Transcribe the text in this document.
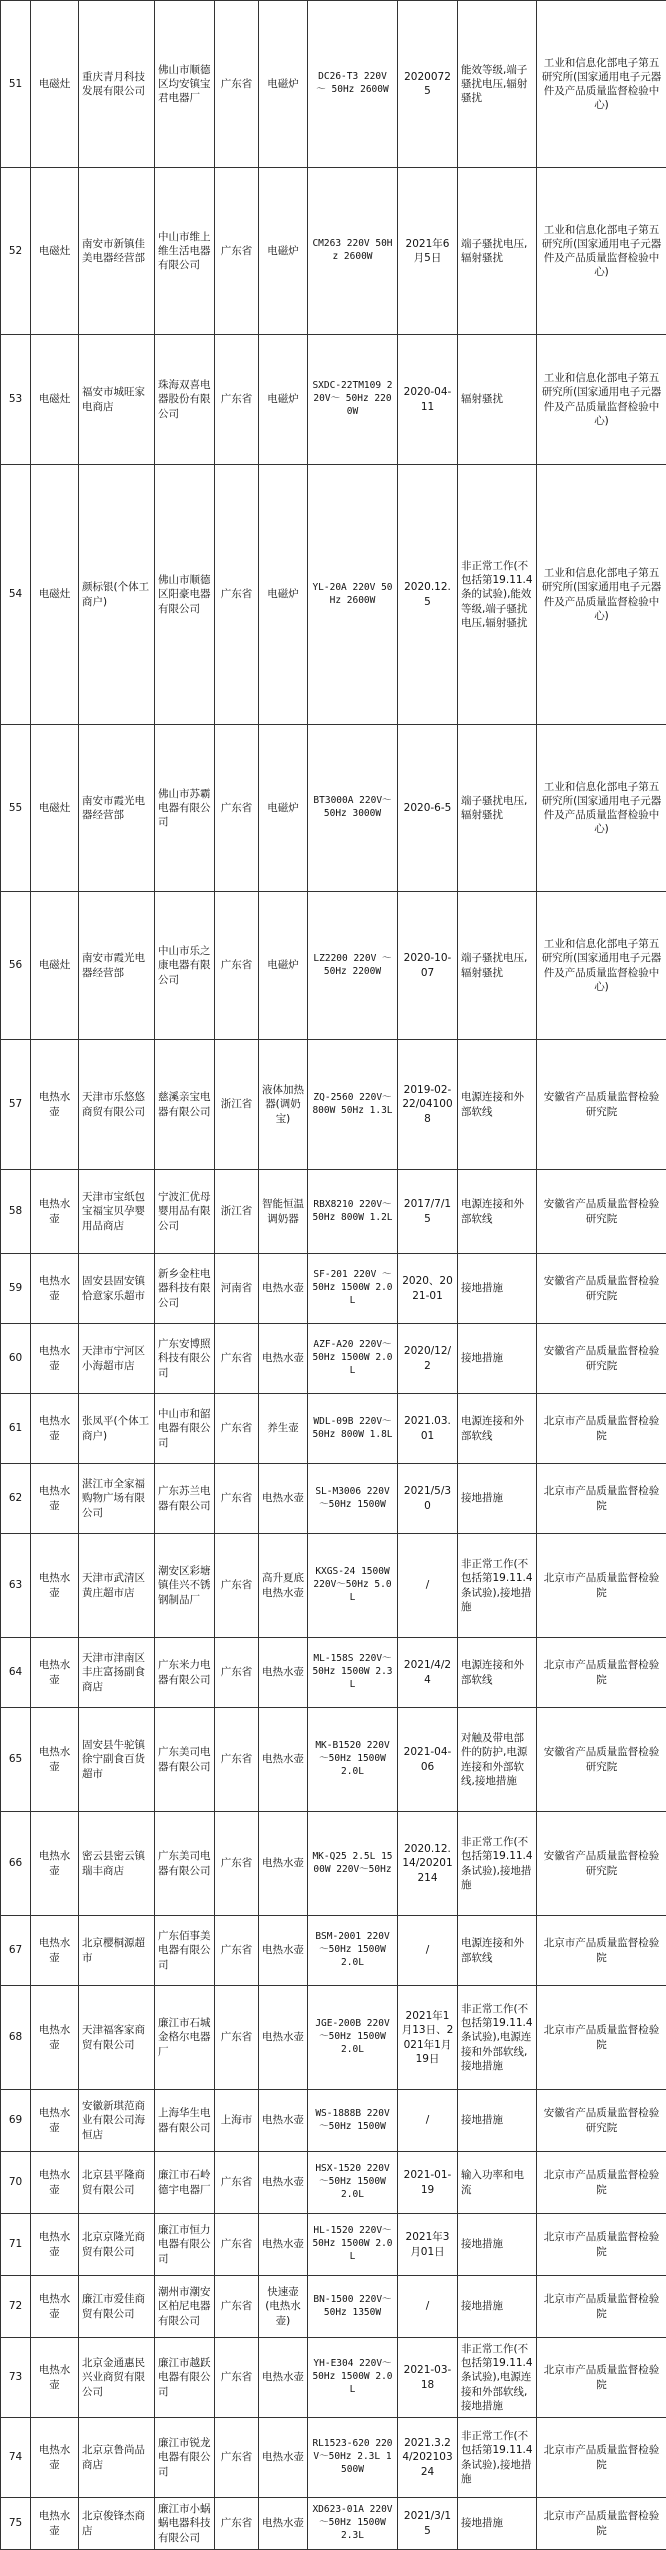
51	电磁灶	重庆青月科技发展有限公司	佛山市顺德区均安镇宝君电器厂	广东省	电磁炉	DC26-T3 220V ～ 50Hz 2600W	20200725	能效等级,端子骚扰电压,辐射骚扰	工业和信息化部电子第五研究所(国家通用电子元器件及产品质量监督检验中心)
52	电磁灶	南安市新镇佳美电器经营部	中山市维上维生活电器有限公司	广东省	电磁炉	CM263 220V 50Hz 2600W	2021年6月5日	端子骚扰电压,辐射骚扰	工业和信息化部电子第五研究所(国家通用电子元器件及产品质量监督检验中心)
53	电磁灶	福安市城旺家电商店	珠海双喜电器股份有限公司	广东省	电磁炉	SXDC-22TM109 220V～ 50Hz 2200W	2020-04-11	辐射骚扰	工业和信息化部电子第五研究所(国家通用电子元器件及产品质量监督检验中心)
54	电磁灶	颜标银(个体工商户)	佛山市顺德区阳豪电器有限公司	广东省	电磁炉	YL-20A 220V 50Hz 2600W	2020.12.5	非正常工作(不包括第19.11.4条的试验),能效等级,端子骚扰电压,辐射骚扰	工业和信息化部电子第五研究所(国家通用电子元器件及产品质量监督检验中心)
55	电磁灶	南安市霞光电器经营部	佛山市苏霸电器有限公司	广东省	电磁炉	BT3000A 220V～50Hz 3000W	2020-6-5	端子骚扰电压,辐射骚扰	工业和信息化部电子第五研究所(国家通用电子元器件及产品质量监督检验中心)
56	电磁灶	南安市霞光电器经营部	中山市乐之康电器有限公司	广东省	电磁炉	LZ2200 220V ～ 50Hz 2200W	2020-10-07	端子骚扰电压,辐射骚扰	工业和信息化部电子第五研究所(国家通用电子元器件及产品质量监督检验中心)
57	电热水壶	天津市乐悠悠商贸有限公司	慈溪亲宝电器有限公司	浙江省	液体加热器(调奶宝)	ZQ-2560 220V～ 800W 50Hz 1.3L	2019-02-22/041008	电源连接和外部软线	安徽省产品质量监督检验研究院
58	电热水壶	天津市宝纸包宝福宝贝孕婴用品商店	宁波汇优母婴用品有限公司	浙江省	智能恒温调奶器	RBX8210 220V～50Hz 800W 1.2L	2017/7/15	电源连接和外部软线	安徽省产品质量监督检验研究院
59	电热水壶	固安县固安镇恰意家乐超市	新乡金柱电器科技有限公司	河南省	电热水壶	SF-201 220V ～ 50Hz 1500W 2.0L	2020、2021-01	接地措施	安徽省产品质量监督检验研究院
60	电热水壶	天津市宁河区小海超市店	广东安博照科技有限公司	广东省	电热水壶	AZF-A20 220V～50Hz 1500W 2.0L	2020/12/2	接地措施	安徽省产品质量监督检验研究院
61	电热水壶	张凤平(个体工商户)	中山市和韶电器有限公司	广东省	养生壶	WDL-09B 220V～50Hz 800W 1.8L	2021.03.01	电源连接和外部软线	北京市产品质量监督检验院
62	电热水壶	湛江市全家福购物广场有限公司	广东苏兰电器有限公司	广东省	电热水壶	SL-M3006 220V～50Hz 1500W	2021/5/30	接地措施	北京市产品质量监督检验院
63	电热水壶	天津市武清区黄庄超市店	潮安区彩塘镇佳兴不锈钢制品厂	广东省	高升夏底电热水壶	KXGS-24 1500W 220V～50Hz 5.0L	/	非正常工作(不包括第19.11.4条试验),接地措施	北京市产品质量监督检验院
64	电热水壶	天津市津南区丰庄富扬副食商店	广东米力电器有限公司	广东省	电热水壶	ML-158S 220V～50Hz 1500W 2.3L	2021/4/24	电源连接和外部软线	北京市产品质量监督检验院
65	电热水壶	固安县牛驼镇徐宁副食百货超市	广东美司电器有限公司	广东省	电热水壶	MK-B1520 220V～50Hz 1500W 2.0L	2021-04-06	对触及带电部件的防护,电源连接和外部软线,接地措施	安徽省产品质量监督检验研究院
66	电热水壶	密云县密云镇瑞丰商店	广东美司电器有限公司	广东省	电热水壶	MK-Q25 2.5L 1500W 220V～50Hz	2020.12.14/20201214	非正常工作(不包括第19.11.4条试验),接地措施	安徽省产品质量监督检验研究院
67	电热水壶	北京樱桐源超市	广东佰事美电器有限公司	广东省	电热水壶	BSM-2001 220V～50Hz 1500W 2.0L	/	电源连接和外部软线	北京市产品质量监督检验院
68	电热水壶	天津福客家商贸有限公司	廉江市石城金格尔电器厂	广东省	电热水壶	JGE-200B 220V～50Hz 1500W 2.0L	2021年1月13日、2021年1月19日	非正常工作(不包括第19.11.4条试验),电源连接和外部软线,接地措施	北京市产品质量监督检验院
69	电热水壶	安徽新琪范商业有限公司海恒店	上海华生电器有限公司	上海市	电热水壶	WS-1888B 220V～50Hz 1500W	/	接地措施	安徽省产品质量监督检验研究院
70	电热水壶	北京县平隆商贸有限公司	廉江市石岭德宇电器厂	广东省	电热水壶	HSX-1520 220V～50Hz 1500W 2.0L	2021-01-19	输入功率和电流	北京市产品质量监督检验院
71	电热水壶	北京京隆光商贸有限公司	廉江市恒力电器有限公司	广东省	电热水壶	HL-1520 220V～50Hz 1500W 2.0L	2021年3月01日	接地措施	北京市产品质量监督检验院
72	电热水壶	廉江市爱佳商贸有限公司	潮州市潮安区柏尼电器有限公司	广东省	快速壶(电热水壶)	BN-1500 220V～50Hz 1350W	/	接地措施	北京市产品质量监督检验院
73	电热水壶	北京金通惠民兴业商贸有限公司	廉江市越跃电器有限公司	广东省	电热水壶	YH-E304 220V～50Hz 1500W 2.0L	2021-03-18	非正常工作(不包括第19.11.4条试验),电源连接和外部软线,接地措施	北京市产品质量监督检验院
74	电热水壶	北京京鲁尚品商店	廉江市锐龙电器有限公司	广东省	电热水壶	RL1523-620 220V～50Hz 2.3L 1500W	2021.3.24/20210324	非正常工作(不包括第19.11.4条试验),接地措施	北京市产品质量监督检验院
75	电热水壶	北京俊锋杰商店	廉江市小蜗蜗电器科技有限公司	广东省	电热水壶	XD623-01A 220V～50Hz 1500W 2.3L	2021/3/15	接地措施	北京市产品质量监督检验院
